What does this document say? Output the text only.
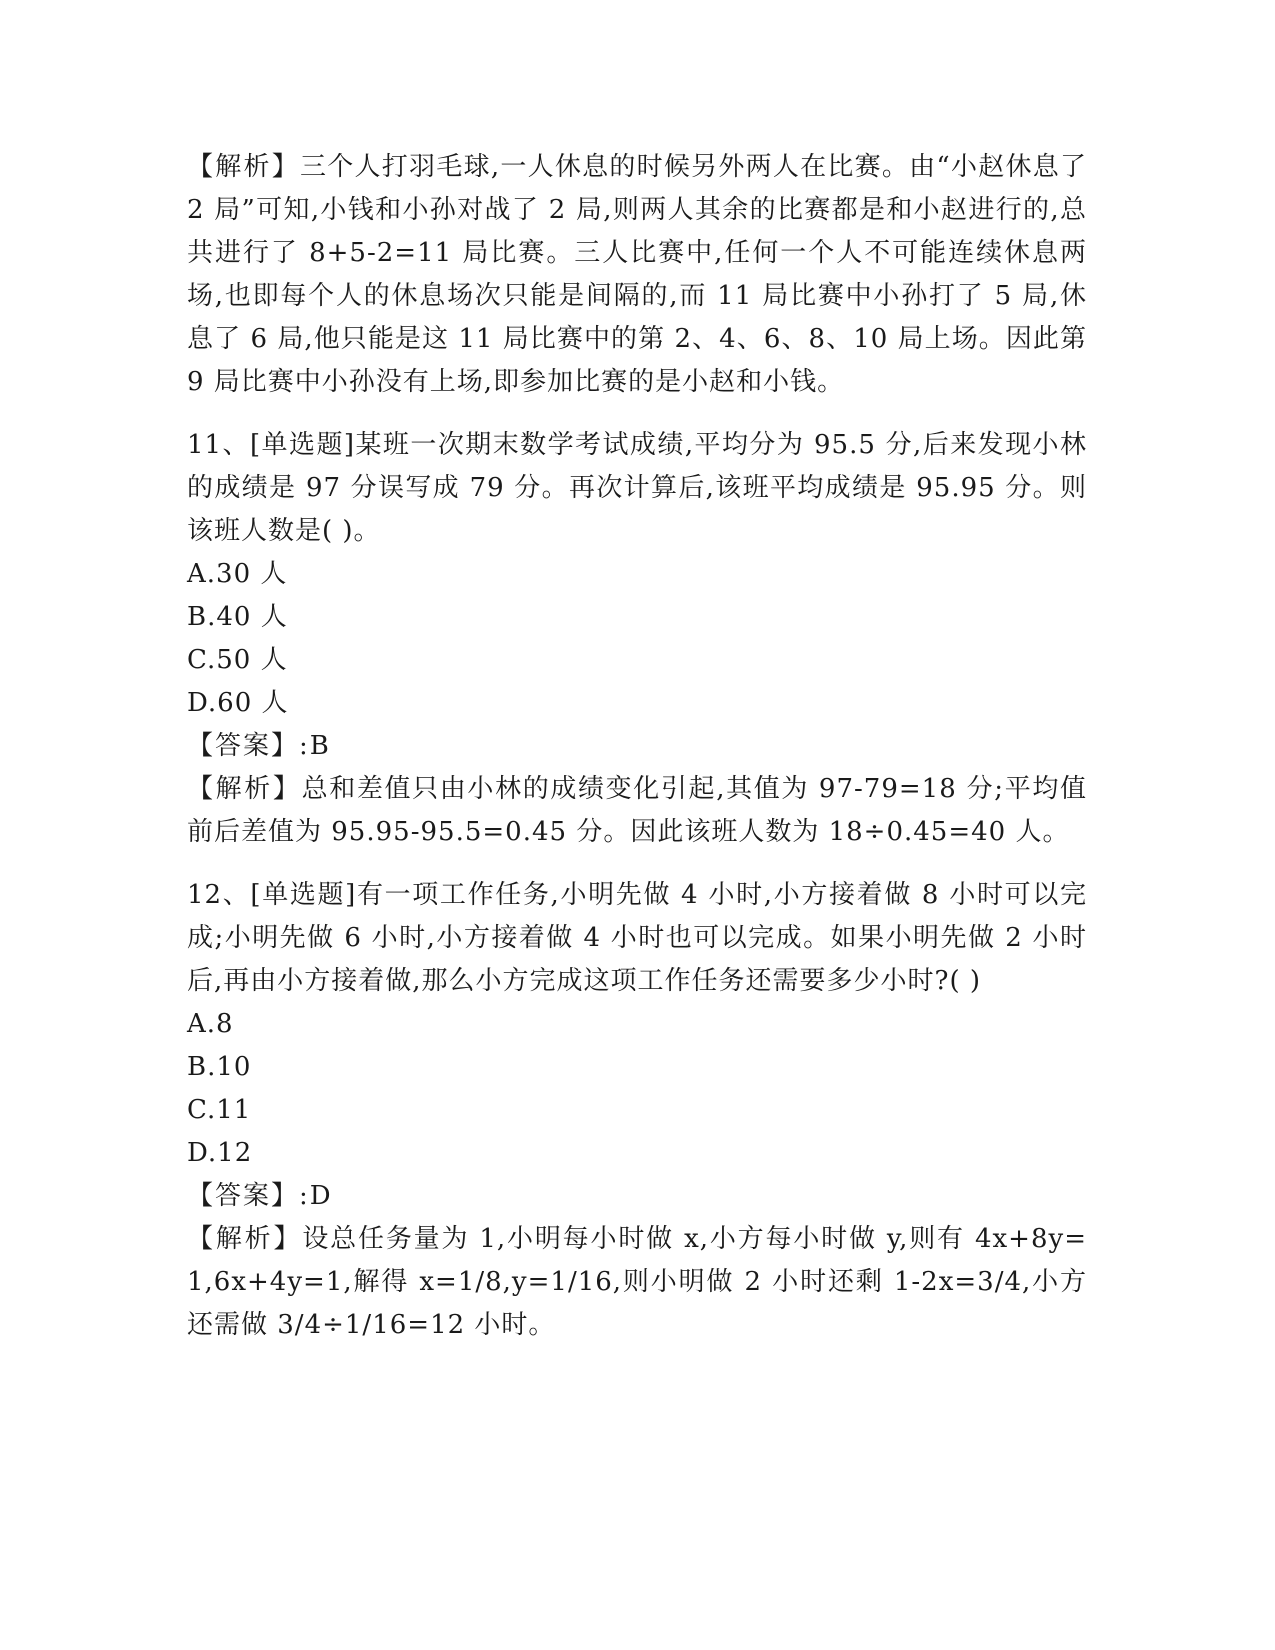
【解析】三个人打羽毛球,一人休息的时候另外两人在比赛。由“小赵休息了 2 局”可知,小钱和小孙对战了 2 局,则两人其余的比赛都是和小赵进行的,总共进行了 8+5-2=11 局比赛。三人比赛中,任何一个人不可能连续休息两场,也即每个人的休息场次只能是间隔的,而 11 局比赛中小孙打了 5 局,休息了 6 局,他只能是这 11 局比赛中的第 2、4、6、8、10 局上场。因此第 9 局比赛中小孙没有上场,即参加比赛的是小赵和小钱。

11、[单选题]某班一次期末数学考试成绩,平均分为 95.5 分,后来发现小林的成绩是 97 分误写成 79 分。再次计算后,该班平均成绩是 95.95 分。则该班人数是( )。

A.30 人
B.40 人
C.50 人
D.60 人
【答案】:B

【解析】总和差值只由小林的成绩变化引起,其值为 97-79=18 分;平均值前后差值为 95.95-95.5=0.45 分。因此该班人数为 18÷0.45=40 人。

12、[单选题]有一项工作任务,小明先做 4 小时,小方接着做 8 小时可以完成;小明先做 6 小时,小方接着做 4 小时也可以完成。如果小明先做 2 小时后,再由小方接着做,那么小方完成这项工作任务还需要多少小时?( )

A.8
B.10
C.11
D.12
【答案】:D

【解析】设总任务量为 1,小明每小时做 x,小方每小时做 y,则有 4x+8y=1,6x+4y=1,解得 x=1/8,y=1/16,则小明做 2 小时还剩 1-2x=3/4,小方还需做 3/4÷1/16=12 小时。
